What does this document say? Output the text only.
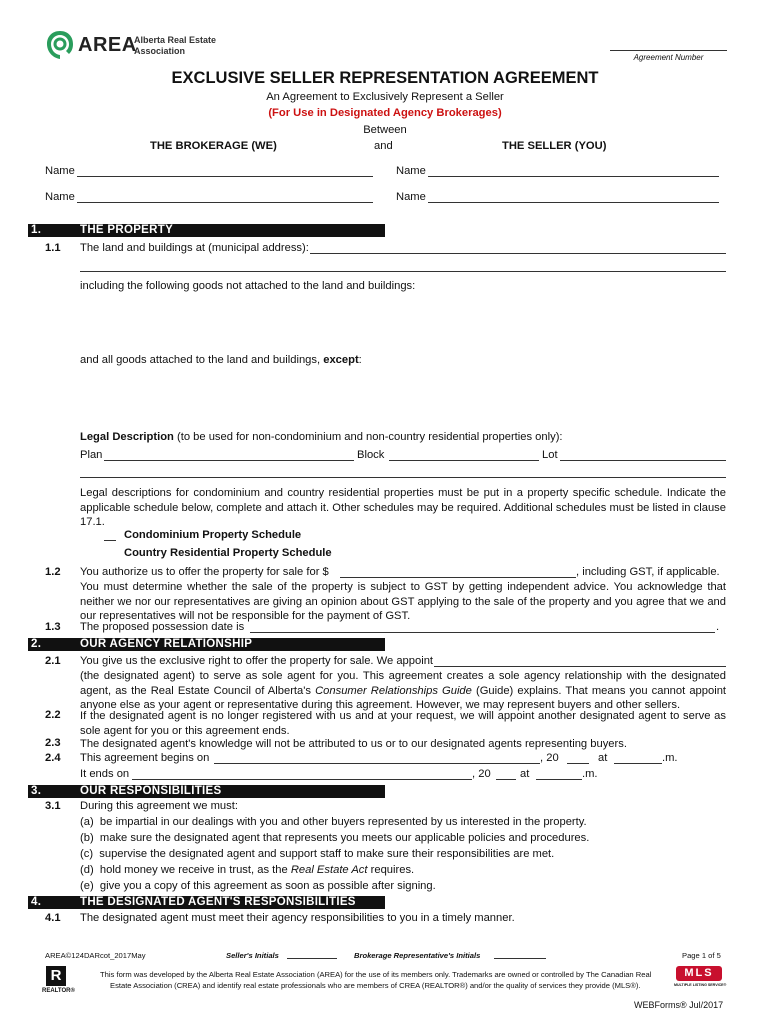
AREA
Alberta Real Estate
Association
Agreement Number
EXCLUSIVE SELLER REPRESENTATION AGREEMENT
An Agreement to Exclusively Represent a Seller
(For Use in Designated Agency Brokerages)
Between
THE BROKERAGE (WE)	and	THE SELLER (YOU)
Name	Name
Name	Name
1.	THE PROPERTY
1.1 The land and buildings at (municipal address):
including the following goods not attached to the land and buildings:
and all goods attached to the land and buildings, except:
Legal Description (to be used for non-condominium and non-country residential properties only):
Plan	Block	Lot
Legal descriptions for condominium and country residential properties must be put in a property specific schedule. Indicate the applicable schedule below, complete and attach it. Other schedules may be required. Additional schedules must be listed in clause 17.1.
Condominium Property Schedule
Country Residential Property Schedule
1.2 You authorize us to offer the property for sale for $	, including GST, if applicable.
You must determine whether the sale of the property is subject to GST by getting independent advice. You acknowledge that neither we nor our representatives are giving an opinion about GST applying to the sale of the property and you agree that we and our representatives will not be responsible for the payment of GST.
1.3 The proposed possession date is	.
2.	OUR AGENCY RELATIONSHIP
2.1 You give us the exclusive right to offer the property for sale. We appoint
(the designated agent) to serve as sole agent for you. This agreement creates a sole agency relationship with the designated agent, as the Real Estate Council of Alberta's Consumer Relationships Guide (Guide) explains. That means you cannot appoint anyone else as your agent or representative during this agreement. However, we may represent buyers and other sellers.
2.2 If the designated agent is no longer registered with us and at your request, we will appoint another designated agent to serve as sole agent for you or this agreement ends.
2.3 The designated agent's knowledge will not be attributed to us or to our designated agents representing buyers.
2.4 This agreement begins on	, 20	at	.m.
It ends on	, 20	at	.m.
3.	OUR RESPONSIBILITIES
3.1 During this agreement we must:
(a) be impartial in our dealings with you and other buyers represented by us interested in the property.
(b) make sure the designated agent that represents you meets our applicable policies and procedures.
(c) supervise the designated agent and support staff to make sure their responsibilities are met.
(d) hold money we receive in trust, as the Real Estate Act requires.
(e) give you a copy of this agreement as soon as possible after signing.
4.	THE DESIGNATED AGENT'S RESPONSIBILITIES
4.1 The designated agent must meet their agency responsibilities to you in a timely manner.
AREA©124DARcot_2017May	Seller's Initials	Brokerage Representative's Initials	Page 1 of 5
R
REALTOR®
This form was developed by the Alberta Real Estate Association (AREA) for the use of its members only. Trademarks are owned or controlled by The Canadian Real
Estate Association (CREA) and identify real estate professionals who are members of CREA (REALTOR®) and/or the quality of services they provide (MLS®).
MLS
MULTIPLE LISTING SERVICE®
WEBForms® Jul/2017
